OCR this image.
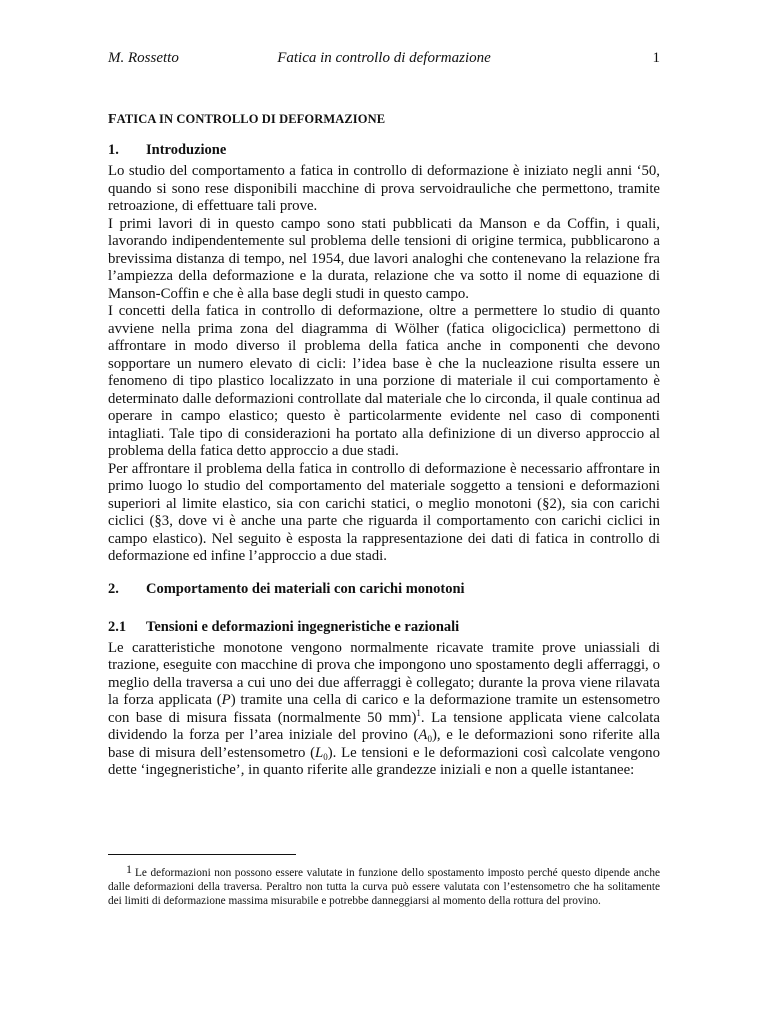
M. Rossetto	Fatica in controllo di deformazione	1
FATICA IN CONTROLLO DI DEFORMAZIONE
1.	Introduzione

Lo studio del comportamento a fatica in controllo di deformazione è iniziato negli anni ‘50, quando si sono rese disponibili macchine di prova servoidrauliche che permettono, tramite retroazione, di effettuare tali prove.

I primi lavori di in questo campo sono stati pubblicati da Manson e da Coffin, i quali, lavorando indipendentemente sul problema delle tensioni di origine termica, pubblicarono a brevissima distanza di tempo, nel 1954, due lavori analoghi che contenevano la relazione fra l’ampiezza della deformazione e la durata, relazione che va sotto il nome di equazione di Manson-Coffin e che è alla base degli studi in questo campo.

I concetti della fatica in controllo di deformazione, oltre a permettere lo studio di quanto avviene nella prima zona del diagramma di Wölher (fatica oligociclica) permettono di affrontare in modo diverso il problema della fatica anche in componenti che devono sopportare un numero elevato di cicli: l’idea base è che la nucleazione risulta essere un fenomeno di tipo plastico localizzato in una porzione di materiale il cui comportamento è determinato dalle deformazioni controllate dal materiale che lo circonda, il quale continua ad operare in campo elastico; questo è particolarmente evidente nel caso di componenti intagliati. Tale tipo di considerazioni ha portato alla definizione di un diverso approccio al problema della fatica detto approccio a due stadi.

Per affrontare il problema della fatica in controllo di deformazione è necessario affrontare in primo luogo lo studio del comportamento del materiale soggetto a tensioni e deformazioni superiori al limite elastico, sia con carichi statici, o meglio monotoni (§2), sia con carichi ciclici (§3, dove vi è anche una parte che riguarda il comportamento con carichi ciclici in campo elastico). Nel seguito è esposta la rappresentazione dei dati di fatica in controllo di deformazione ed infine l’approccio a due stadi.

2.	Comportamento dei materiali con carichi monotoni
2.1	Tensioni e deformazioni ingegneristiche e razionali

Le caratteristiche monotone vengono normalmente ricavate tramite prove uniassiali di trazione, eseguite con macchine di prova che impongono uno spostamento degli afferraggi, o meglio della traversa a cui uno dei due afferraggi è collegato; durante la prova viene rilavata la forza applicata (P) tramite una cella di carico e la deformazione tramite un estensometro con base di misura fissata (normalmente 50 mm)$^1$. La tensione applicata viene calcolata dividendo la forza per l’area iniziale del provino $(A_0)$, e le deformazioni sono riferite alla base di misura dell’estensometro $(L_0)$. Le tensioni e le deformazioni così calcolate vengono dette ‘ingegneristiche’, in quanto riferite alle grandezze iniziali e non a quelle istantanee:

1 Le deformazioni non possono essere valutate in funzione dello spostamento imposto perché questo dipende anche dalle deformazioni della traversa. Peraltro non tutta la curva può essere valutata con l’estensometro che ha solitamente dei limiti di deformazione massima misurabile e potrebbe danneggiarsi al momento della rottura del provino.
